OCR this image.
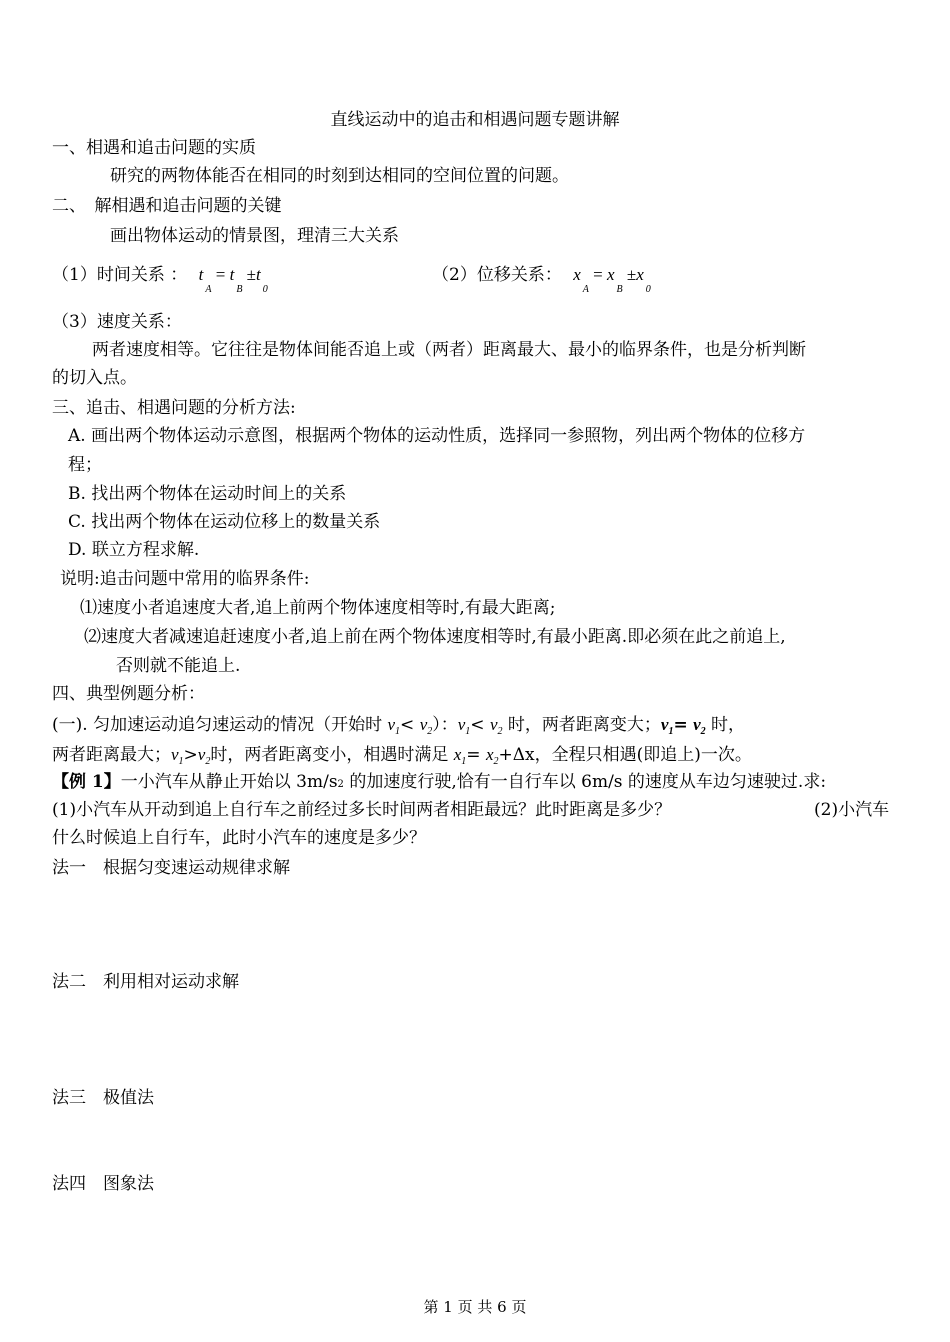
直线运动中的追击和相遇问题专题讲解
一、相遇和追击问题的实质
研究的两物体能否在相同的时刻到达相同的空间位置的问题。
二、　解相遇和追击问题的关键
画出物体运动的情景图，理清三大关系
（1）时间关系 ： $t_A = t_B \pm t_0$
（2）位移关系： $x_A = x_B \pm x_0$
（3）速度关系：
两者速度相等。它往往是物体间能否追上或（两者）距离最大、最小的临界条件，也是分析判断
的切入点。
三、追击、相遇问题的分析方法:
A. 画出两个物体运动示意图，根据两个物体的运动性质，选择同一参照物，列出两个物体的位移方
程；
B. 找出两个物体在运动时间上的关系
C. 找出两个物体在运动位移上的数量关系
D. 联立方程求解.
说明:追击问题中常用的临界条件:
⑴速度小者追速度大者,追上前两个物体速度相等时,有最大距离;
⑵速度大者减速追赶速度小者,追上前在两个物体速度相等时,有最小距离.即必须在此之前追上,
否则就不能追上.
四、典型例题分析：
(一). 匀加速运动追匀速运动的情况（开始时 $v_1< v_2$）：$v_1< v_2$ 时，两者距离变大；$v_1= v_2$ 时，
两者距离最大；$v_1>v_2$时，两者距离变小，相遇时满足 $x_1= x_2+\Delta x$，全程只相遇(即追上)一次。
【例 1】一小汽车从静止开始以 3m/s2 的加速度行驶,恰有一自行车以 6m/s 的速度从车边匀速驶过.求:
(1)小汽车从开动到追上自行车之前经过多长时间两者相距最远？此时距离是多少？	(2)小汽车
什么时候追上自行车，此时小汽车的速度是多少？
法一　根据匀变速运动规律求解
法二　利用相对运动求解
法三　极值法
法四　图象法
第 1 页 共 6 页
